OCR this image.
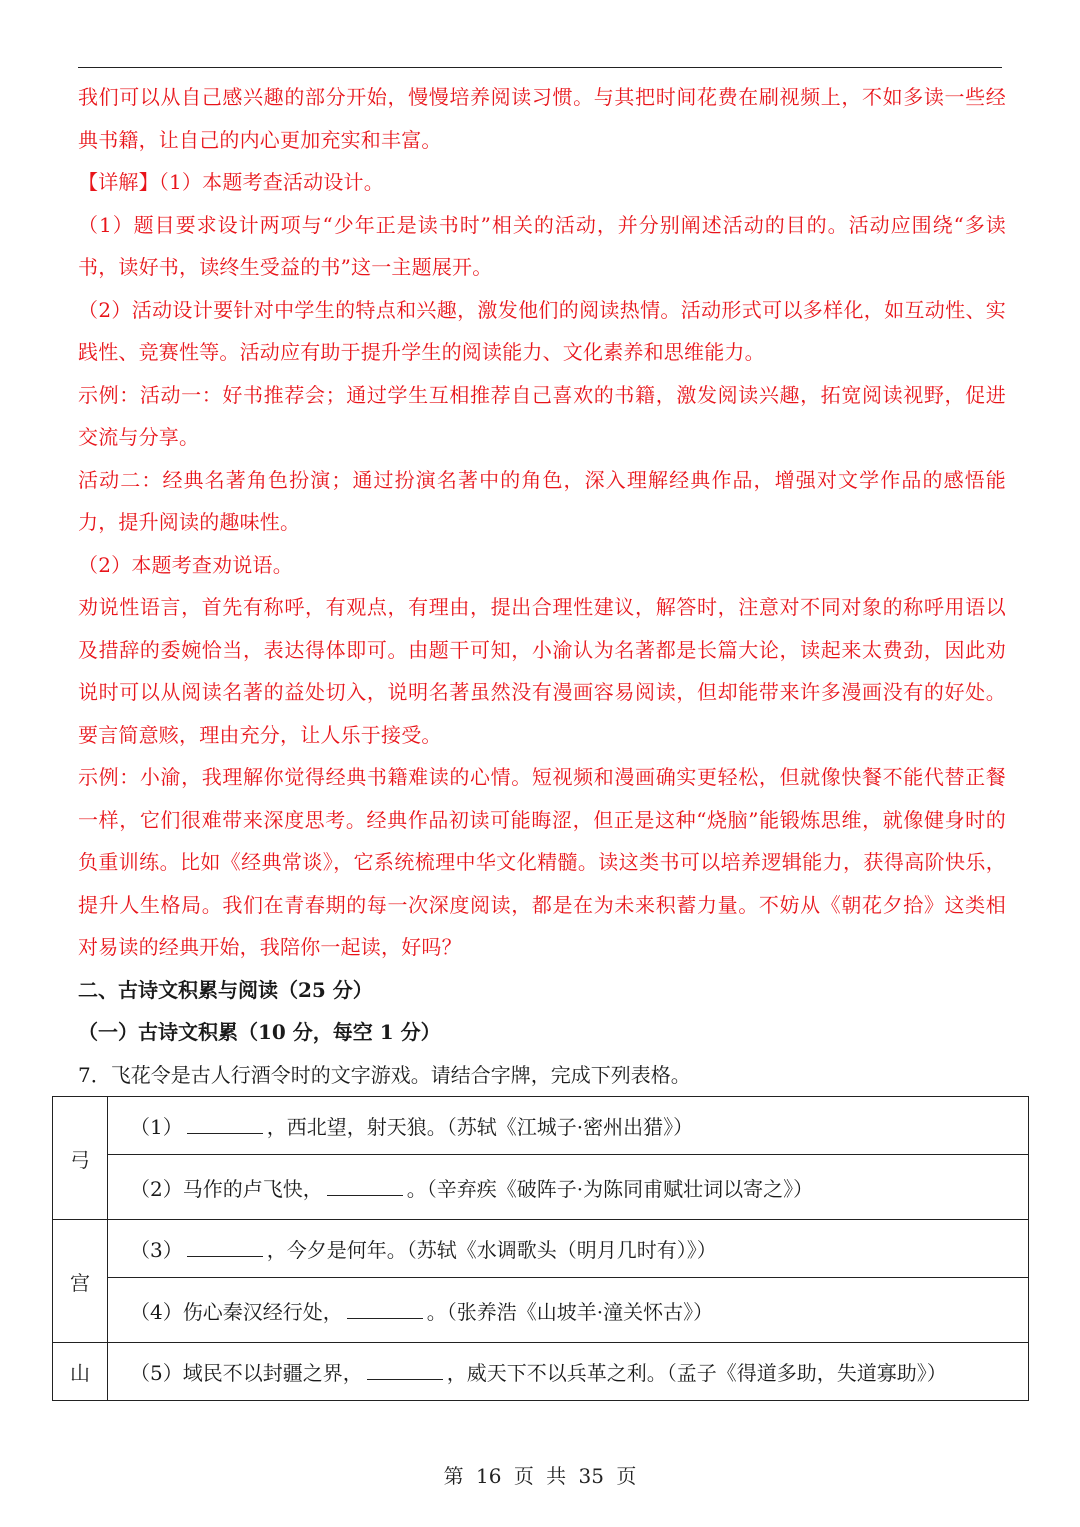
我们可以从自己感兴趣的部分开始，慢慢培养阅读习惯。与其把时间花费在刷视频上，不如多读一些经典书籍，让自己的内心更加充实和丰富。

【详解】（1）本题考查活动设计。

（1）题目要求设计两项与“少年正是读书时”相关的活动，并分别阐述活动的目的。活动应围绕“多读书，读好书，读终生受益的书”这一主题展开。

（2）活动设计要针对中学生的特点和兴趣，激发他们的阅读热情。活动形式可以多样化，如互动性、实践性、竞赛性等。活动应有助于提升学生的阅读能力、文化素养和思维能力。

示例：活动一：好书推荐会；通过学生互相推荐自己喜欢的书籍，激发阅读兴趣，拓宽阅读视野，促进交流与分享。

活动二：经典名著角色扮演；通过扮演名著中的角色，深入理解经典作品，增强对文学作品的感悟能力，提升阅读的趣味性。

（2）本题考查劝说语。

劝说性语言，首先有称呼，有观点，有理由，提出合理性建议，解答时，注意对不同对象的称呼用语以及措辞的委婉恰当，表达得体即可。由题干可知，小渝认为名著都是长篇大论，读起来太费劲，因此劝说时可以从阅读名著的益处切入，说明名著虽然没有漫画容易阅读，但却能带来许多漫画没有的好处。要言简意赅，理由充分，让人乐于接受。

示例：小渝，我理解你觉得经典书籍难读的心情。短视频和漫画确实更轻松，但就像快餐不能代替正餐一样，它们很难带来深度思考。经典作品初读可能晦涩，但正是这种“烧脑”能锻炼思维，就像健身时的负重训练。比如《经典常谈》，它系统梳理中华文化精髓。读这类书可以培养逻辑能力，获得高阶快乐，提升人生格局。我们在青春期的每一次深度阅读，都是在为未来积蓄力量。不妨从《朝花夕拾》这类相对易读的经典开始，我陪你一起读，好吗？

二、古诗文积累与阅读（25 分）

（一）古诗文积累（10 分，每空 1 分）

7．飞花令是古人行酒令时的文字游戏。请结合字牌，完成下列表格。

弓	（1） ，西北望，射天狼。（苏轼《江城子·密州出猎》）
	（2）马作的卢飞快， 。（辛弃疾《破阵子·为陈同甫赋壮词以寄之》）
宫	（3） ，今夕是何年。（苏轼《水调歌头（明月几时有）》）
	（4）伤心秦汉经行处， 。（张养浩《山坡羊·潼关怀古》）
山	（5）域民不以封疆之界， ，威天下不以兵革之利。（孟子《得道多助，失道寡助》）
第 16 页 共 35 页
